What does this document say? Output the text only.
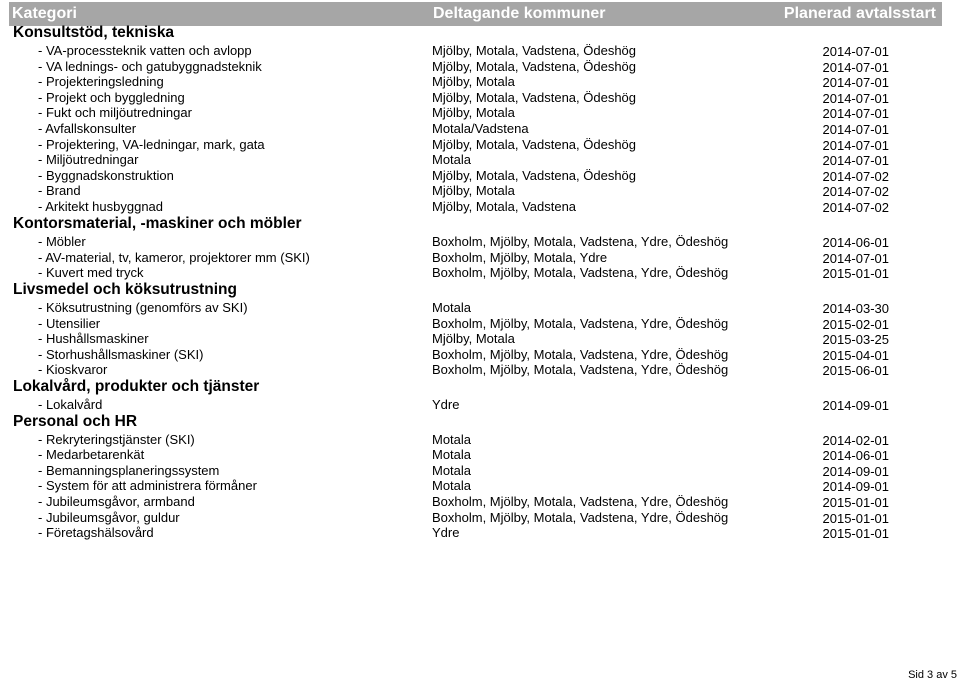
Kategori	Deltagande kommuner	Planerad avtalsstart
Konsultstöd, tekniska
- VA-processteknik vatten och avlopp	Mjölby, Motala, Vadstena, Ödeshög	2014-07-01
- VA lednings- och gatubyggnadsteknik	Mjölby, Motala, Vadstena, Ödeshög	2014-07-01
- Projekteringsledning	Mjölby, Motala	2014-07-01
- Projekt och byggledning	Mjölby, Motala, Vadstena, Ödeshög	2014-07-01
- Fukt och miljöutredningar	Mjölby, Motala	2014-07-01
- Avfallskonsulter	Motala/Vadstena	2014-07-01
- Projektering, VA-ledningar, mark, gata	Mjölby, Motala, Vadstena, Ödeshög	2014-07-01
- Miljöutredningar	Motala	2014-07-01
- Byggnadskonstruktion	Mjölby, Motala, Vadstena, Ödeshög	2014-07-02
- Brand	Mjölby, Motala	2014-07-02
- Arkitekt husbyggnad	Mjölby, Motala, Vadstena	2014-07-02
Kontorsmaterial, -maskiner och möbler
- Möbler	Boxholm, Mjölby, Motala, Vadstena, Ydre, Ödeshög	2014-06-01
- AV-material, tv, kameror, projektorer mm (SKI)	Boxholm, Mjölby, Motala, Ydre	2014-07-01
- Kuvert med tryck	Boxholm, Mjölby, Motala, Vadstena, Ydre, Ödeshög	2015-01-01
Livsmedel och köksutrustning
- Köksutrustning (genomförs av SKI)	Motala	2014-03-30
- Utensilier	Boxholm, Mjölby, Motala, Vadstena, Ydre, Ödeshög	2015-02-01
- Hushållsmaskiner	Mjölby, Motala	2015-03-25
- Storhushållsmaskiner (SKI)	Boxholm, Mjölby, Motala, Vadstena, Ydre, Ödeshög	2015-04-01
- Kioskvaror	Boxholm, Mjölby, Motala, Vadstena, Ydre, Ödeshög	2015-06-01
Lokalvård, produkter och tjänster
- Lokalvård	Ydre	2014-09-01
Personal och HR
- Rekryteringstjänster (SKI)	Motala	2014-02-01
- Medarbetarenkät	Motala	2014-06-01
- Bemanningsplaneringssystem	Motala	2014-09-01
- System för att administrera förmåner	Motala	2014-09-01
- Jubileumsgåvor, armband	Boxholm, Mjölby, Motala, Vadstena, Ydre, Ödeshög	2015-01-01
- Jubileumsgåvor, guldur	Boxholm, Mjölby, Motala, Vadstena, Ydre, Ödeshög	2015-01-01
- Företagshälsovård	Ydre	2015-01-01
Sid 3 av 5
